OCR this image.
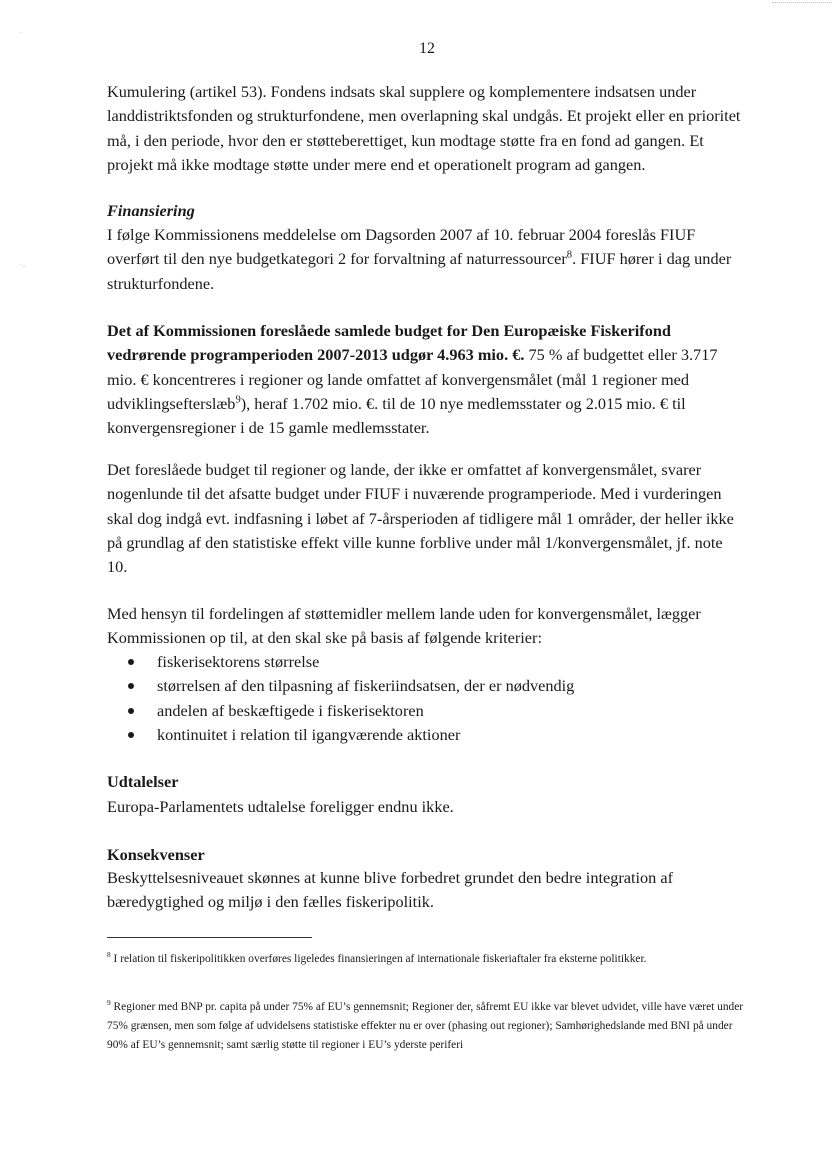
.
·‥
12

Kumulering (artikel 53). Fondens indsats skal supplere og komplementere indsatsen under landdistriktsfonden og strukturfondene, men overlapning skal undgås. Et projekt eller en prioritet må, i den periode, hvor den er støtteberettiget, kun modtage støtte fra en fond ad gangen. Et projekt må ikke modtage støtte under mere end et operationelt program ad gangen.

Finansiering

I følge Kommissionens meddelelse om Dagsorden 2007 af 10. februar 2004 foreslås FIUF overført til den nye budgetkategori 2 for forvaltning af naturressourcer$^8$. FIUF hører i dag under strukturfondene.

Det af Kommissionen foreslåede samlede budget for Den Europæiske Fiskerifond vedrørende programperioden 2007-2013 udgør 4.963 mio. €. 75 % af budgettet eller 3.717 mio. € koncentreres i regioner og lande omfattet af konvergensmålet (mål 1 regioner med udviklingsefterslæb$^9$), heraf 1.702 mio. €. til de 10 nye medlemsstater og 2.015 mio. € til konvergensregioner i de 15 gamle medlemsstater.

Det foreslåede budget til regioner og lande, der ikke er omfattet af konvergensmålet, svarer nogenlunde til det afsatte budget under FIUF i nuværende programperiode. Med i vurderingen skal dog indgå evt. indfasning i løbet af 7-årsperioden af tidligere mål 1 områder, der heller ikke på grundlag af den statistiske effekt ville kunne forblive under mål 1/konvergensmålet, jf. note 10.

Med hensyn til fordelingen af støttemidler mellem lande uden for konvergensmålet, lægger Kommissionen op til, at den skal ske på basis af følgende kriterier:

fiskerisektorens størrelse
størrelsen af den tilpasning af fiskeriindsatsen, der er nødvendig
andelen af beskæftigede i fiskerisektoren
kontinuitet i relation til igangværende aktioner

Udtalelser

Europa-Parlamentets udtalelse foreligger endnu ikke.

Konsekvenser

Beskyttelsesniveauet skønnes at kunne blive forbedret grundet den bedre integration af bæredygtighed og miljø i den fælles fiskeripolitik.

$^8$ I relation til fiskeripolitikken overføres ligeledes finansieringen af internationale fiskeriaftaler fra eksterne politikker.

$^9$ Regioner med BNP pr. capita på under 75% af EU’s gennemsnit; Regioner der, såfremt EU ikke var blevet udvidet, ville have været under 75% grænsen, men som følge af udvidelsens statistiske effekter nu er over (phasing out regioner); Samhørighedslande med BNI på under 90% af EU’s gennemsnit; samt særlig støtte til regioner i EU’s yderste periferi
